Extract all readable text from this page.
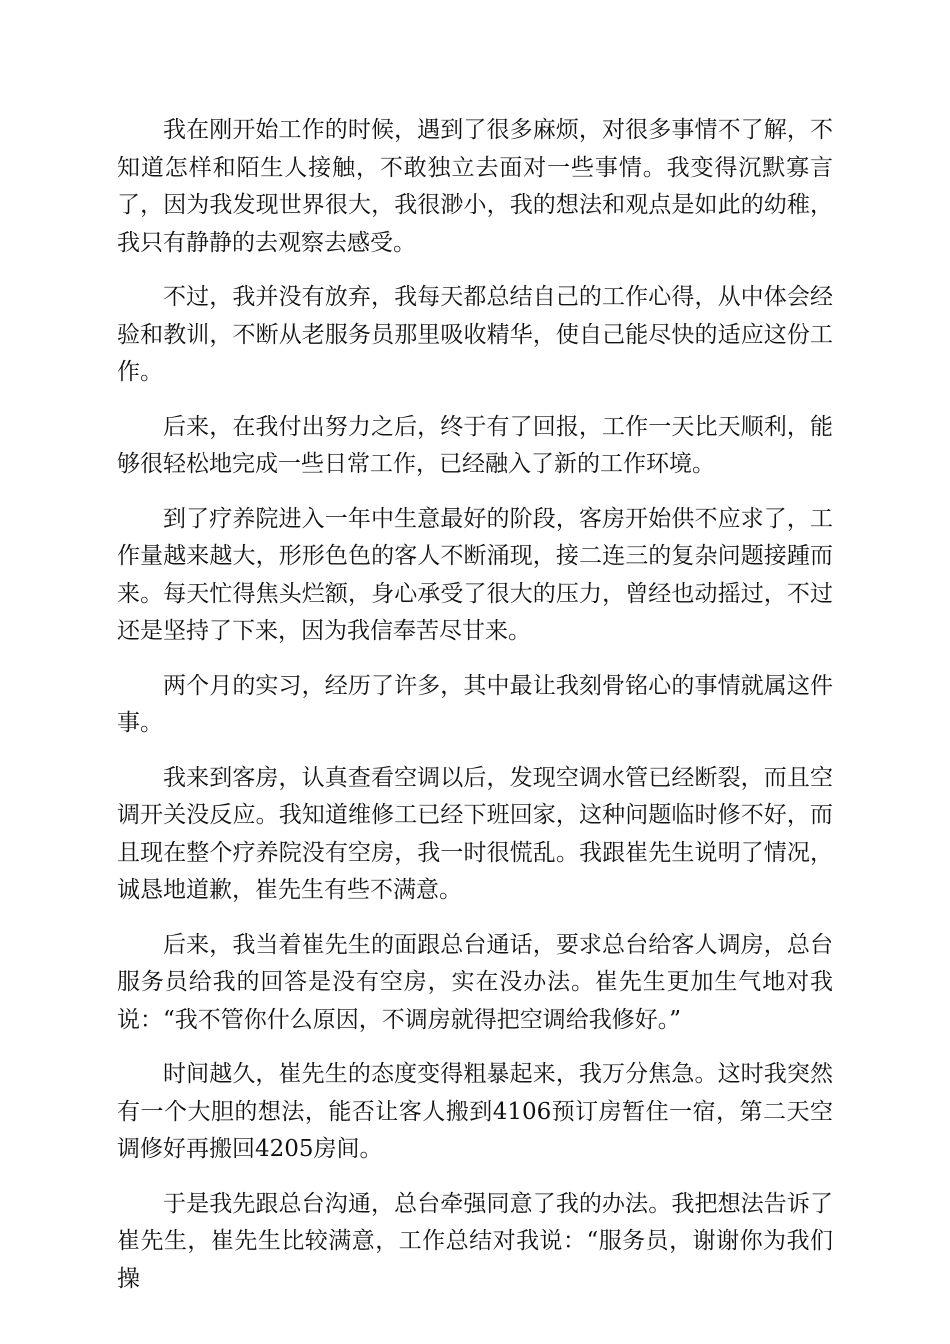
我在刚开始工作的时候，遇到了很多麻烦，对很多事情不了解，不知道怎样和陌生人接触，不敢独立去面对一些事情。我变得沉默寡言了，因为我发现世界很大，我很渺小，我的想法和观点是如此的幼稚，我只有静静的去观察去感受。

不过，我并没有放弃，我每天都总结自己的工作心得，从中体会经验和教训，不断从老服务员那里吸收精华，使自己能尽快的适应这份工作。

后来，在我付出努力之后，终于有了回报，工作一天比天顺利，能够很轻松地完成一些日常工作，已经融入了新的工作环境。

到了疗养院进入一年中生意最好的阶段，客房开始供不应求了，工作量越来越大，形形色色的客人不断涌现，接二连三的复杂问题接踵而来。每天忙得焦头烂额，身心承受了很大的压力，曾经也动摇过，不过还是坚持了下来，因为我信奉苦尽甘来。

两个月的实习，经历了许多，其中最让我刻骨铭心的事情就属这件事。

我来到客房，认真查看空调以后，发现空调水管已经断裂，而且空调开关没反应。我知道维修工已经下班回家，这种问题临时修不好，而且现在整个疗养院没有空房，我一时很慌乱。我跟崔先生说明了情况，诚恳地道歉，崔先生有些不满意。

后来，我当着崔先生的面跟总台通话，要求总台给客人调房，总台服务员给我的回答是没有空房，实在没办法。崔先生更加生气地对我说：“我不管你什么原因，不调房就得把空调给我修好。”

时间越久，崔先生的态度变得粗暴起来，我万分焦急。这时我突然有一个大胆的想法，能否让客人搬到4106预订房暂住一宿，第二天空调修好再搬回4205房间。

于是我先跟总台沟通，总台牵强同意了我的办法。我把想法告诉了崔先生，崔先生比较满意，工作总结对我说：“服务员，谢谢你为我们操
